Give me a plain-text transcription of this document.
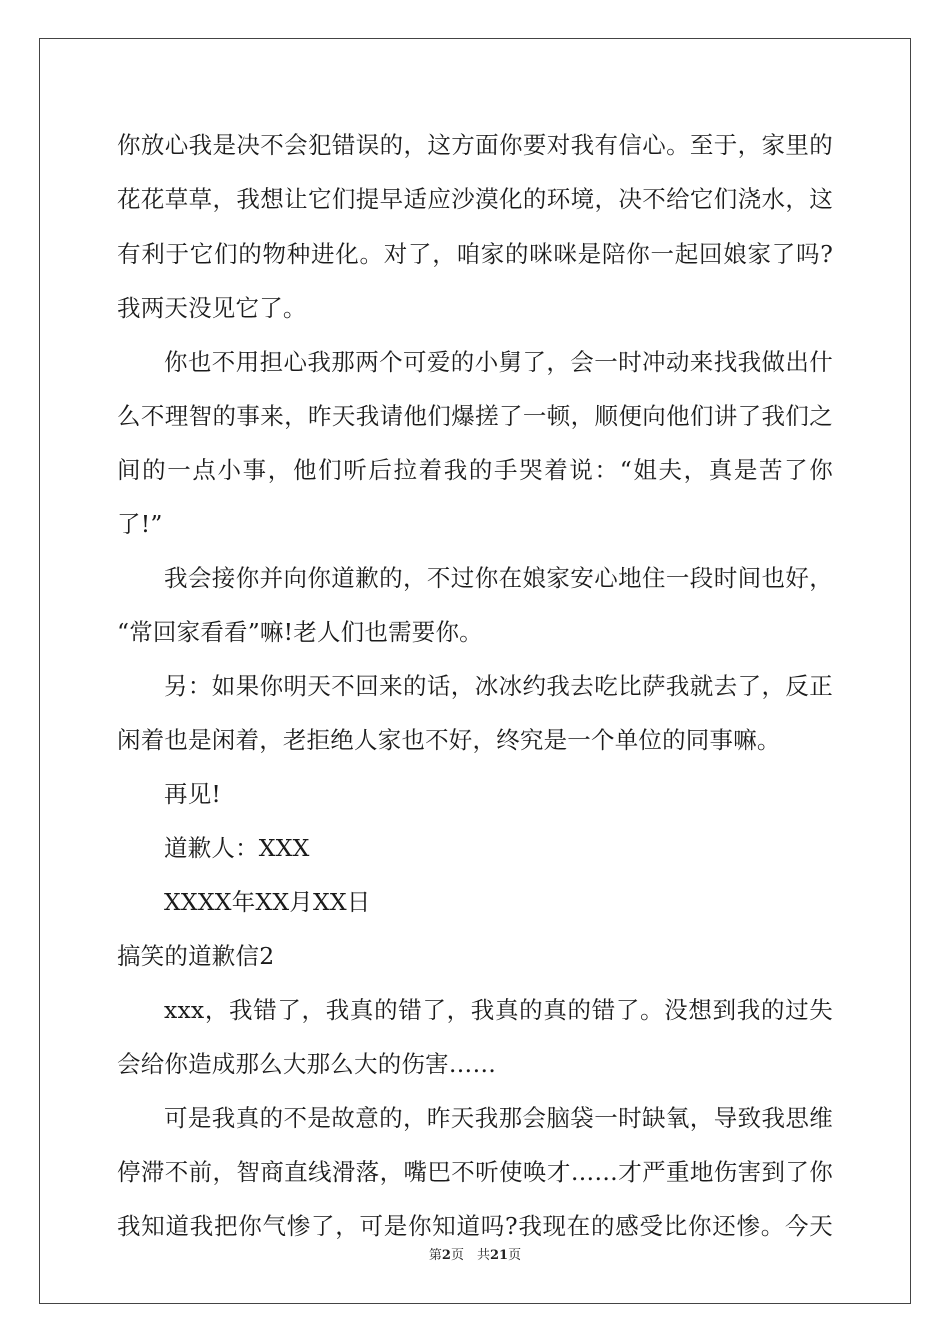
你放心我是决不会犯错误的，这方面你要对我有信心。至于，家里的
花花草草，我想让它们提早适应沙漠化的环境，决不给它们浇水，这
有利于它们的物种进化。对了，咱家的咪咪是陪你一起回娘家了吗?
我两天没见它了。
你也不用担心我那两个可爱的小舅了，会一时冲动来找我做出什
么不理智的事来，昨天我请他们爆搓了一顿，顺便向他们讲了我们之
间的一点小事，他们听后拉着我的手哭着说：“姐夫，真是苦了你
了!”
我会接你并向你道歉的，不过你在娘家安心地住一段时间也好，
“常回家看看”嘛!老人们也需要你。
另：如果你明天不回来的话，冰冰约我去吃比萨我就去了，反正
闲着也是闲着，老拒绝人家也不好，终究是一个单位的同事嘛。
再见!
道歉人：XXX
XXXX年XX月XX日
搞笑的道歉信2
xxx，我错了，我真的错了，我真的真的错了。没想到我的过失
会给你造成那么大那么大的伤害……
可是我真的不是故意的，昨天我那会脑袋一时缺氧，导致我思维
停滞不前，智商直线滑落，嘴巴不听使唤才……才严重地伤害到了你
我知道我把你气惨了，可是你知道吗?我现在的感受比你还惨。今天
第2页　共21页
